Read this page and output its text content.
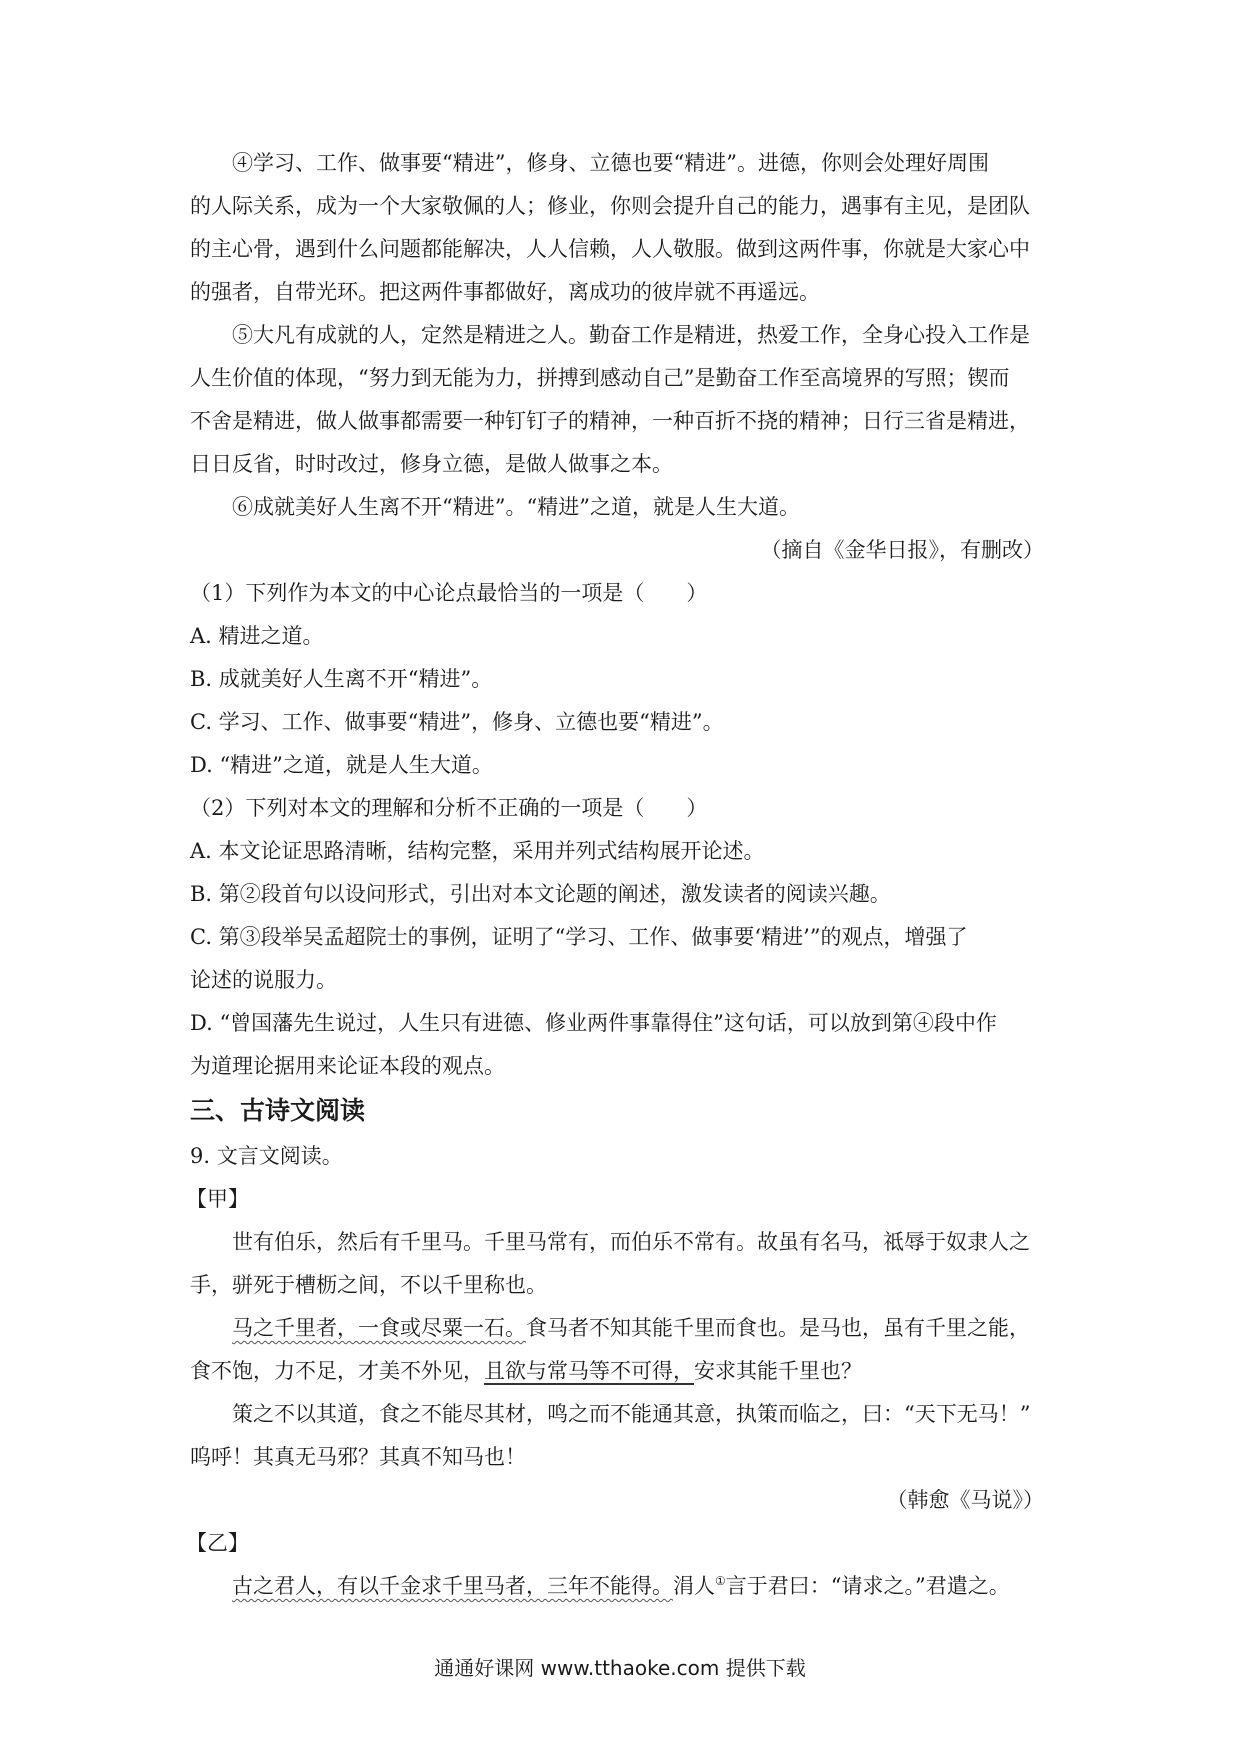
④学习、工作、做事要“精进”，修身、立德也要“精进”。进德，你则会处理好周围
的人际关系，成为一个大家敬佩的人；修业，你则会提升自己的能力，遇事有主见，是团队
的主心骨，遇到什么问题都能解决，人人信赖，人人敬服。做到这两件事，你就是大家心中
的强者，自带光环。把这两件事都做好，离成功的彼岸就不再遥远。
⑤大凡有成就的人，定然是精进之人。勤奋工作是精进，热爱工作，全身心投入工作是
人生价值的体现，“努力到无能为力，拼搏到感动自己”是勤奋工作至高境界的写照；锲而
不舍是精进，做人做事都需要一种钉钉子的精神，一种百折不挠的精神；日行三省是精进，
日日反省，时时改过，修身立德，是做人做事之本。
⑥成就美好人生离不开“精进”。“精进”之道，就是人生大道。
（摘自《金华日报》，有删改）
（1）下列作为本文的中心论点最恰当的一项是（　　）
A. 精进之道。
B. 成就美好人生离不开“精进”。
C. 学习、工作、做事要“精进”，修身、立德也要“精进”。
D. “精进”之道，就是人生大道。
（2）下列对本文的理解和分析不正确的一项是（　　）
A. 本文论证思路清晰，结构完整，采用并列式结构展开论述。
B. 第②段首句以设问形式，引出对本文论题的阐述，激发读者的阅读兴趣。
C. 第③段举吴孟超院士的事例，证明了“学习、工作、做事要‘精进’”的观点，增强了
论述的说服力。
D. “曾国藩先生说过，人生只有进德、修业两件事靠得住”这句话，可以放到第④段中作
为道理论据用来论证本段的观点。
三、古诗文阅读
9. 文言文阅读。
【甲】
世有伯乐，然后有千里马。千里马常有，而伯乐不常有。故虽有名马，祗辱于奴隶人之
手，骈死于槽枥之间，不以千里称也。
马之千里者，一食或尽粟一石。食马者不知其能千里而食也。是马也，虽有千里之能，
食不饱，力不足，才美不外见，且欲与常马等不可得，安求其能千里也？
策之不以其道，食之不能尽其材，鸣之而不能通其意，执策而临之，曰：“天下无马！”
呜呼！其真无马邪？其真不知马也！
（韩愈《马说》）
【乙】
古之君人，有以千金求千里马者，三年不能得。涓人①言于君曰：“请求之。”君遣之。
通通好课网 www.tthaoke.com 提供下载
